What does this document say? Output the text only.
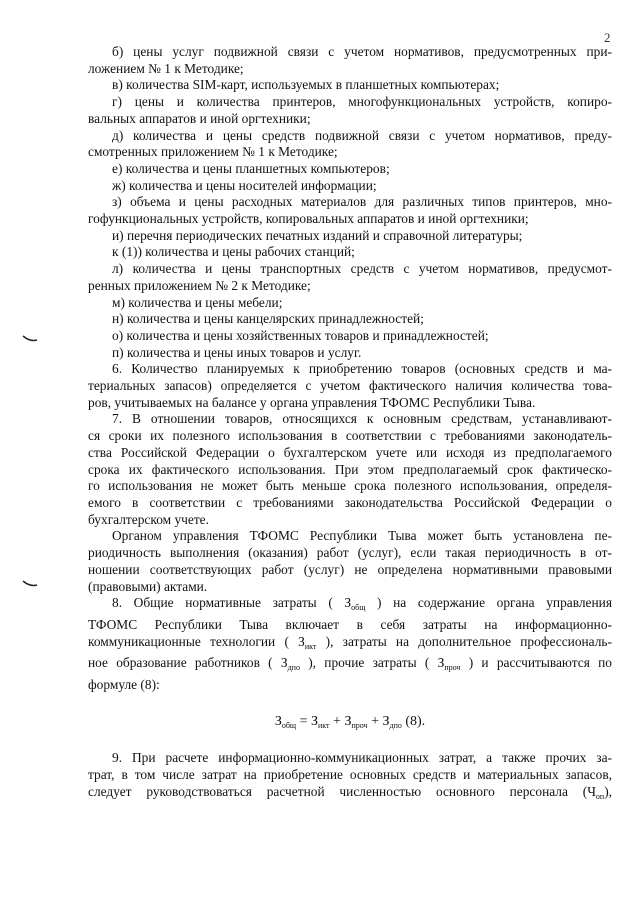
2
б) цены услуг подвижной связи с учетом нормативов, предусмотренных при-
ложением № 1 к Методике;
в) количества SIM-карт, используемых в планшетных компьютерах;
г) цены и количества принтеров, многофункциональных устройств, копиро-
вальных аппаратов и иной оргтехники;
д) количества и цены средств подвижной связи с учетом нормативов, преду-
смотренных приложением № 1 к Методике;
е) количества и цены планшетных компьютеров;
ж) количества и цены носителей информации;
з) объема и цены расходных материалов для различных типов принтеров, мно-
гофункциональных устройств, копировальных аппаратов и иной оргтехники;
и) перечня периодических печатных изданий и справочной литературы;
к (1)) количества и цены рабочих станций;
л) количества и цены транспортных средств с учетом нормативов, предусмот-
ренных приложением № 2 к Методике;
м) количества и цены мебели;
н) количества и цены канцелярских принадлежностей;
о) количества и цены хозяйственных товаров и принадлежностей;
п) количества и цены иных товаров и услуг.
6. Количество планируемых к приобретению товаров (основных средств и ма-
териальных запасов) определяется с учетом фактического наличия количества това-
ров, учитываемых на балансе у органа управления ТФОМС Республики Тыва.
7. В отношении товаров, относящихся к основным средствам, устанавливают-
ся сроки их полезного использования в соответствии с требованиями законодатель-
ства Российской Федерации о бухгалтерском учете или исходя из предполагаемого
срока их фактического использования. При этом предполагаемый срок фактическо-
го использования не может быть меньше срока полезного использования, определя-
емого в соответствии с требованиями законодательства Российской Федерации о
бухгалтерском учете.
Органом управления ТФОМС Республики Тыва может быть установлена пе-
риодичность выполнения (оказания) работ (услуг), если такая периодичность в от-
ношении соответствующих работ (услуг) не определена нормативными правовыми
(правовыми) актами.
8. Общие нормативные затраты ( $З_{общ}$ ) на содержание органа управления
ТФОМС Республики Тыва включает в себя затраты на информационно-
коммуникационные технологии ( $З_{икт}$ ), затраты на дополнительное профессиональ-
ное образование работников ( $З_{дпо}$ ), прочие затраты ( $З_{проч}$ ) и рассчитываются по
формуле (8):
$З_{общ} = З_{икт} + З_{проч} + З_{дпо}$ (8).
9. При расчете информационно-коммуникационных затрат, а также прочих за-
трат, в том числе затрат на приобретение основных средств и материальных запасов,
следует руководствоваться расчетной численностью основного персонала $(Ч_{оп})$,
